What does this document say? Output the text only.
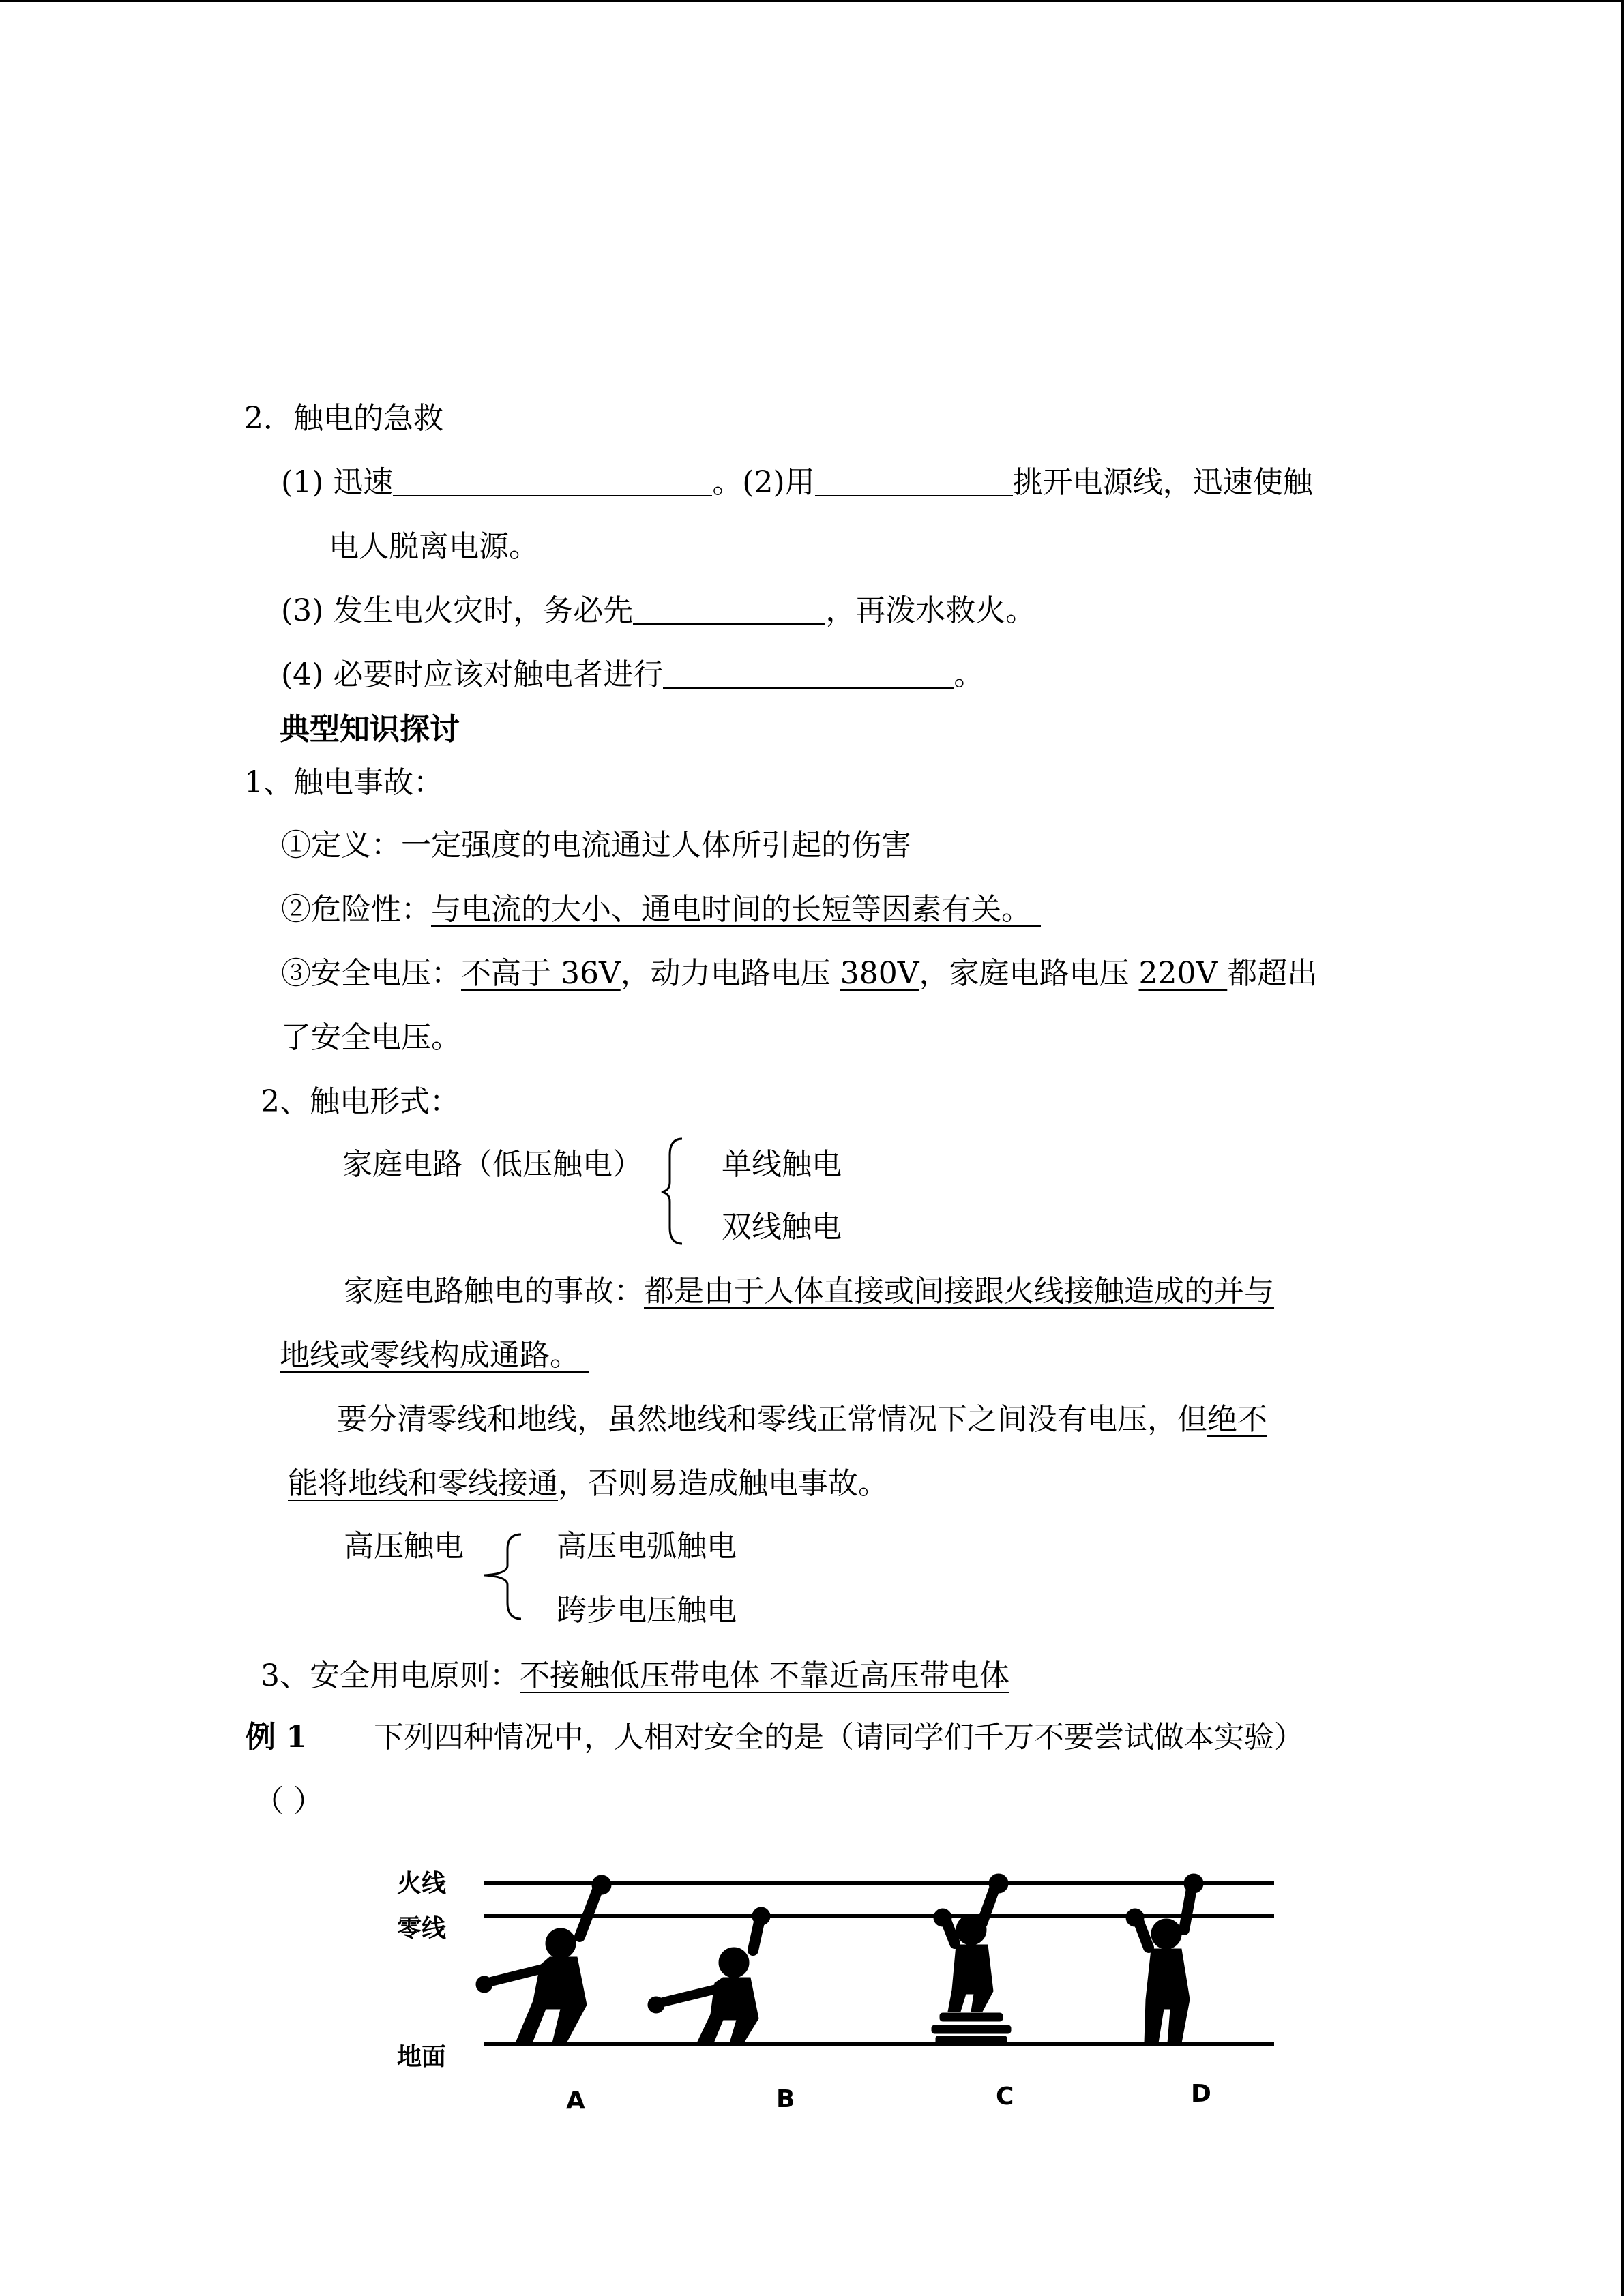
2．触电的急救
(1) 迅速	。(2)用	挑开电源线，迅速使触
电人脱离电源。
(3) 发生电火灾时，务必先	，再泼水救火。
(4) 必要时应该对触电者进行	。
典型知识探讨
1、触电事故：
①定义：一定强度的电流通过人体所引起的伤害
②危险性：与电流的大小、通电时间的长短等因素有关。
③安全电压：不高于 36V，动力电路电压 380V，家庭电路电压 220V 都超出
了安全电压。
2、触电形式：
家庭电路（低压触电）	单线触电
双线触电
家庭电路触电的事故：都是由于人体直接或间接跟火线接触造成的并与
地线或零线构成通路。
要分清零线和地线，虽然地线和零线正常情况下之间没有电压，但绝不
能将地线和零线接通，否则易造成触电事故。
高压触电	高压电弧触电
跨步电压触电
3、安全用电原则：不接触低压带电体 不靠近高压带电体
例 1 下列四种情况中，人相对安全的是（请同学们千万不要尝试做本实验）
（ ）
火线
零线
地面
A	B	C	D
